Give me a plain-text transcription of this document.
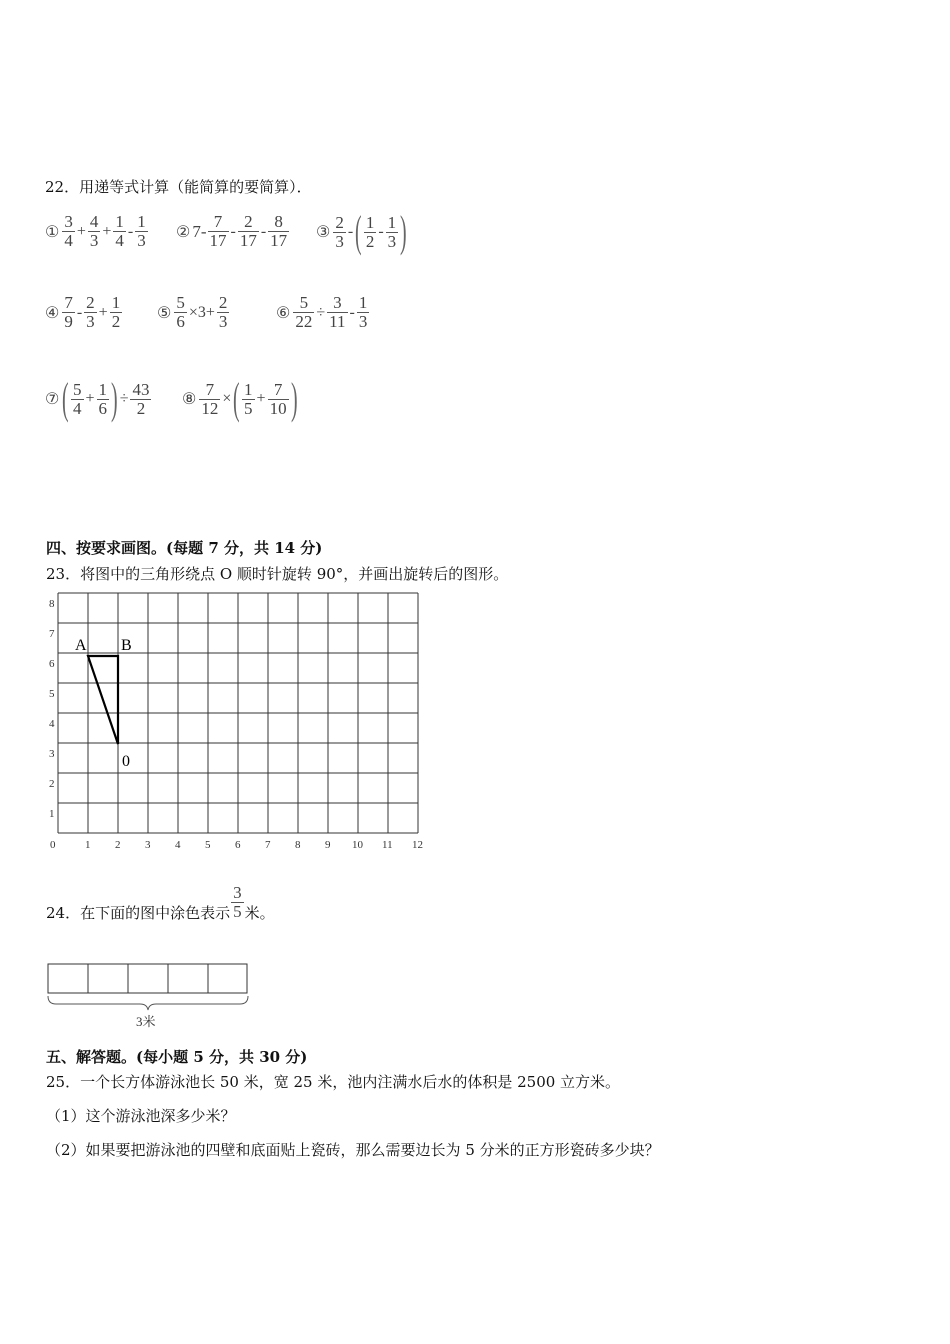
22．用递等式计算（能简算的要简算）．
① $\frac{3}{4} + \frac{4}{3} + \frac{1}{4} - \frac{1}{3}$ ② $7- \frac{7}{17} - \frac{2}{17} - \frac{8}{17}$ ③ $\frac{2}{3}$ - ( $\frac{1}{2} - \frac{1}{3}$ )
④ $\frac{7}{9} - \frac{2}{3} + \frac{1}{2}$ ⑤ $\frac{5}{6} \times 3+ \frac{2}{3}$	⑥ $\frac{5}{22} \div \frac{3}{11} - \frac{1}{3}$
⑦ ( $\frac{5}{4} + \frac{1}{6}$ ) ÷ $\frac{43}{2}$ ⑧ $\frac{7}{12}$ × ( $\frac{1}{5} + \frac{7}{10}$ )
四、按要求画图。(每题 7 分，共 14 分)
23．将图中的三角形绕点 O 顺时针旋转 90°，并画出旋转后的图形。
0	1 2 3 4 5 6 7 8 9 10 11 12
1
2
3
4
5
6
7
8
A B
0
24．在下面的图中涂色表示 $\frac{3}{5}$ 米。
3米
五、解答题。(每小题 5 分，共 30 分)
25．一个长方体游泳池长 50 米，宽 25 米，池内注满水后水的体积是 2500 立方米。
（1）这个游泳池深多少米？
（2）如果要把游泳池的四壁和底面贴上瓷砖，那么需要边长为 5 分米的正方形瓷砖多少块？
